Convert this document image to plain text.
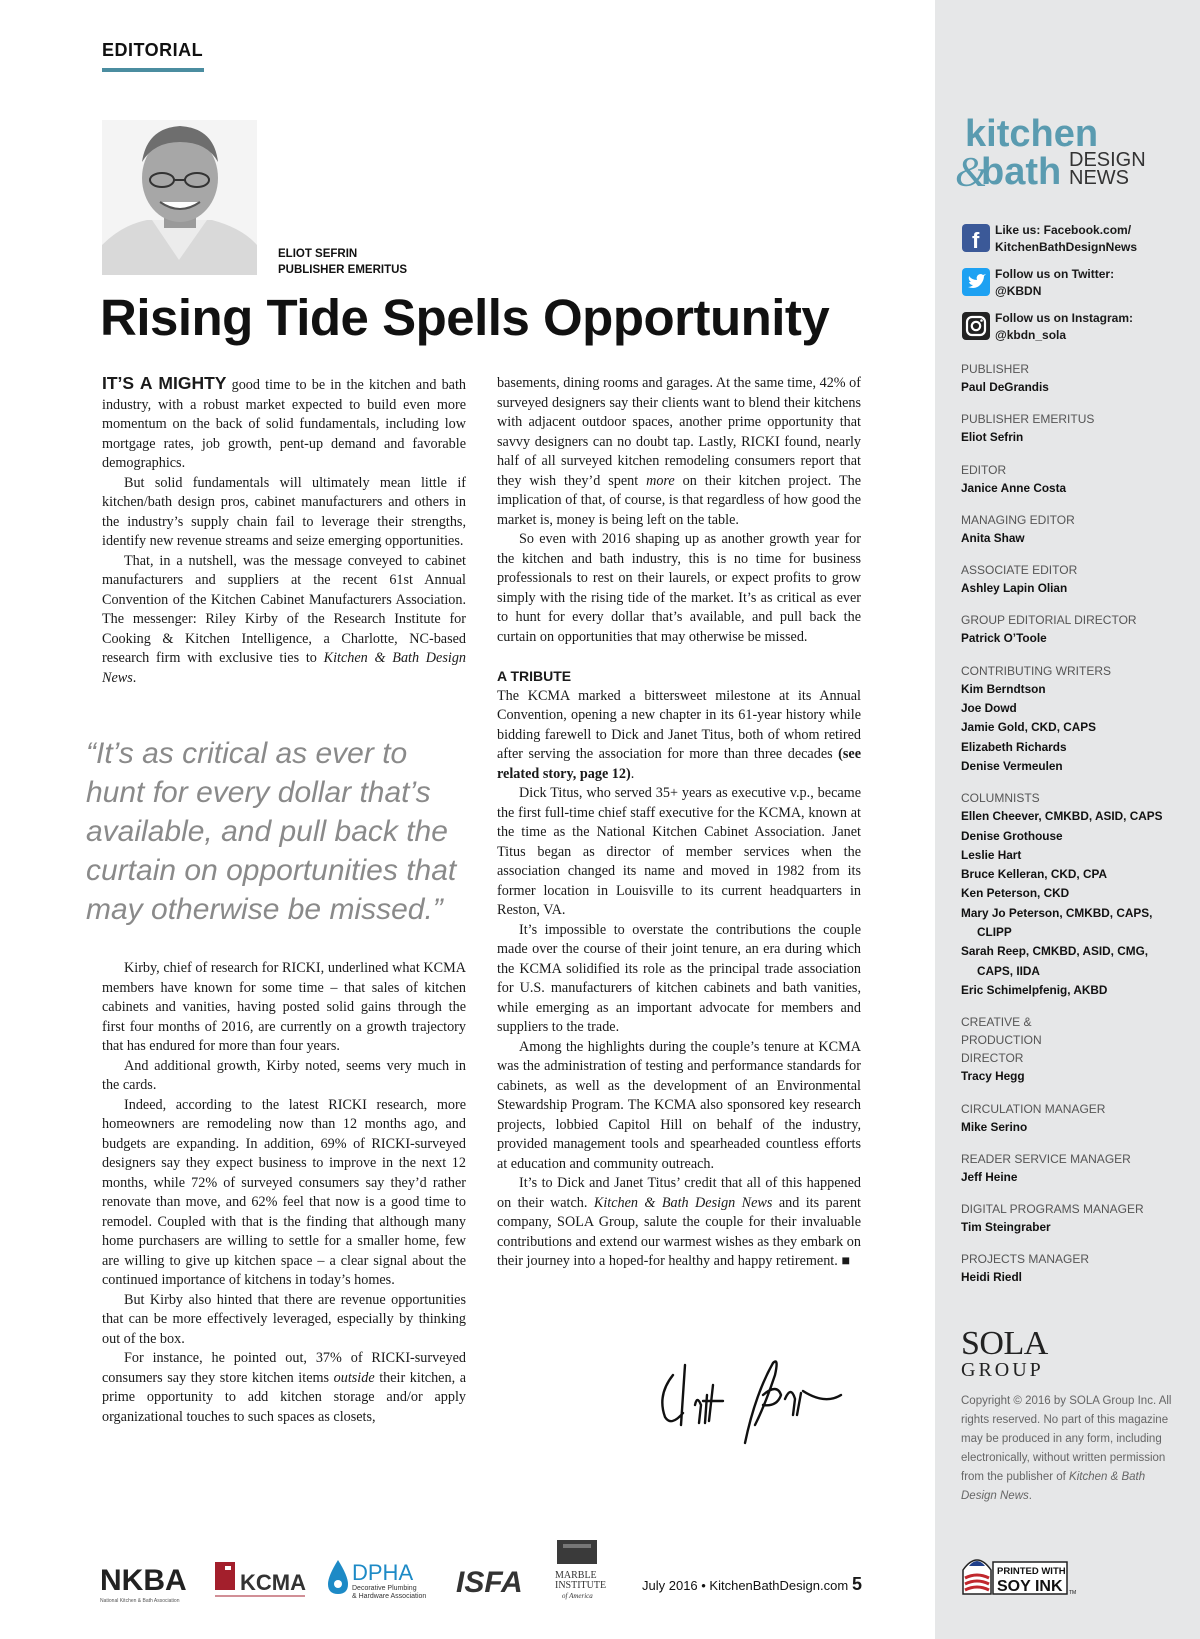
EDITORIAL
ELIOT SEFRIN
PUBLISHER EMERITUS
Rising Tide Spells Opportunity

IT’S A MIGHTY good time to be in the kitchen and bath industry, with a robust market expected to build even more momentum on the back of solid fundamentals, including low mortgage rates, job growth, pent-up demand and favorable demographics.

But solid fundamentals will ultimately mean little if kitchen/bath design pros, cabinet manufacturers and others in the industry’s supply chain fail to leverage their strengths, identify new revenue streams and seize emerging opportunities.

That, in a nutshell, was the message conveyed to cabinet manufacturers and suppliers at the recent 61st Annual Convention of the Kitchen Cabinet Manufacturers Association. The messenger: Riley Kirby of the Research Institute for Cooking & Kitchen Intelligence, a Charlotte, NC-based research firm with exclusive ties to Kitchen & Bath Design News.

“It’s as critical as ever to hunt for every dollar that’s available, and pull back the curtain on opportunities that may otherwise be missed.”

Kirby, chief of research for RICKI, underlined what KCMA members have known for some time – that sales of kitchen cabinets and vanities, having posted solid gains through the first four months of 2016, are currently on a growth trajectory that has endured for more than four years.

And additional growth, Kirby noted, seems very much in the cards.

Indeed, according to the latest RICKI research, more homeowners are remodeling now than 12 months ago, and budgets are expanding. In addition, 69% of RICKI-surveyed designers say they expect business to improve in the next 12 months, while 72% of surveyed consumers say they’d rather renovate than move, and 62% feel that now is a good time to remodel. Coupled with that is the finding that although many home purchasers are willing to settle for a smaller home, few are willing to give up kitchen space – a clear signal about the continued importance of kitchens in today’s homes.

But Kirby also hinted that there are revenue opportunities that can be more effectively leveraged, especially by thinking out of the box.

For instance, he pointed out, 37% of RICKI-surveyed consumers say they store kitchen items outside their kitchen, a prime opportunity to add kitchen storage and/or apply organizational touches to such spaces as closets,

basements, dining rooms and garages. At the same time, 42% of surveyed designers say their clients want to blend their kitchens with adjacent outdoor spaces, another prime opportunity that savvy designers can no doubt tap. Lastly, RICKI found, nearly half of all surveyed kitchen remodeling consumers report that they wish they’d spent more on their kitchen project. The implication of that, of course, is that regardless of how good the market is, money is being left on the table.

So even with 2016 shaping up as another growth year for the kitchen and bath industry, this is no time for business professionals to rest on their laurels, or expect profits to grow simply with the rising tide of the market. It’s as critical as ever to hunt for every dollar that’s available, and pull back the curtain on opportunities that may otherwise be missed.

A TRIBUTE

The KCMA marked a bittersweet milestone at its Annual Convention, opening a new chapter in its 61-year history while bidding farewell to Dick and Janet Titus, both of whom retired after serving the association for more than three decades (see related story, page 12).

Dick Titus, who served 35+ years as executive v.p., became the first full-time chief staff executive for the KCMA, known at the time as the National Kitchen Cabinet Association. Janet Titus began as director of member services when the association changed its name and moved in 1982 from its former location in Louisville to its current headquarters in Reston, VA.

It’s impossible to overstate the contributions the couple made over the course of their joint tenure, an era during which the KCMA solidified its role as the principal trade association for U.S. manufacturers of kitchen cabinets and bath vanities, while emerging as an important advocate for members and suppliers to the trade.

Among the highlights during the couple’s tenure at KCMA was the administration of testing and performance standards for cabinets, as well as the development of an Environmental Stewardship Program. The KCMA also sponsored key research projects, lobbied Capitol Hill on behalf of the industry, provided management tools and spearheaded countless efforts at education and community outreach.

It’s to Dick and Janet Titus’ credit that all of this happened on their watch. Kitchen & Bath Design News and its parent company, SOLA Group, salute the couple for their invaluable contributions and extend our warmest wishes as they embark on their journey into a hoped-for healthy and happy retirement. ■

kitchen
&
bath DESIGN
NEWS
f Like us: Facebook.com/
KitchenBathDesignNews
Follow us on Twitter:
@KBDN
Follow us on Instagram:
@kbdn_sola
PUBLISHER
Paul DeGrandis
PUBLISHER EMERITUS
Eliot Sefrin
EDITOR
Janice Anne Costa
MANAGING EDITOR
Anita Shaw
ASSOCIATE EDITOR
Ashley Lapin Olian
GROUP EDITORIAL DIRECTOR
Patrick O’Toole
CONTRIBUTING WRITERS
Kim Berndtson
Joe Dowd
Jamie Gold, CKD, CAPS
Elizabeth Richards
Denise Vermeulen
COLUMNISTS
Ellen Cheever, CMKBD, ASID, CAPS
Denise Grothouse
Leslie Hart
Bruce Kelleran, CKD, CPA
Ken Peterson, CKD
Mary Jo Peterson, CMKBD, CAPS, CLIPP
Sarah Reep, CMKBD, ASID, CMG, CAPS, IIDA
Eric Schimelpfenig, AKBD
CREATIVE & PRODUCTION DIRECTOR
Tracy Hegg
CIRCULATION MANAGER
Mike Serino
READER SERVICE MANAGER
Jeff Heine
DIGITAL PROGRAMS MANAGER
Tim Steingraber
PROJECTS MANAGER
Heidi Riedl
SOLA
GROUP
Copyright © 2016 by SOLA Group Inc. All rights reserved. No part of this magazine may be produced in any form, including electronically, without written permission from the publisher of Kitchen & Bath Design News.
PRINTED WITH
SOY INK TM
NKBA
National Kitchen & Bath Association
KCMA DPHA
Decorative Plumbing
& Hardware Association ISFA	MARBLE
INSTITUTE
of America
July 2016 • KitchenBathDesign.com 5
